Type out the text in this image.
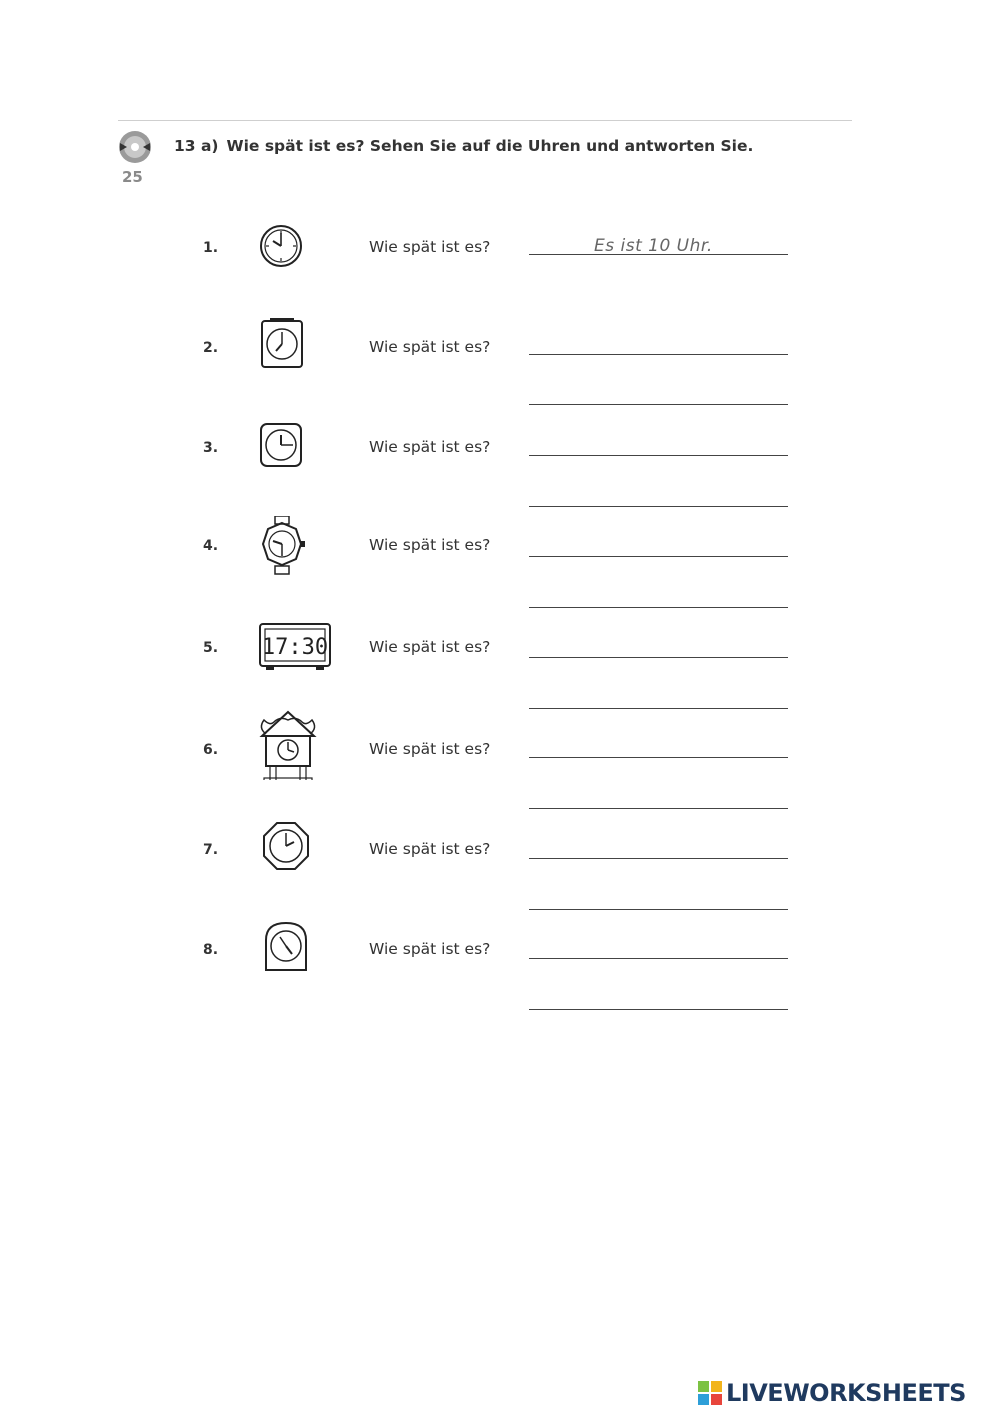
25
13 a) Wie spät ist es? Sehen Sie auf die Uhren und antworten Sie.
1.	Wie spät ist es?	Es ist 10 Uhr.
2.	Wie spät ist es?
3.	Wie spät ist es?
4.	Wie spät ist es?
5. 17:30	Wie spät ist es?
6.	Wie spät ist es?
7.	Wie spät ist es?
8.	Wie spät ist es?
LIVEWORKSHEETS
